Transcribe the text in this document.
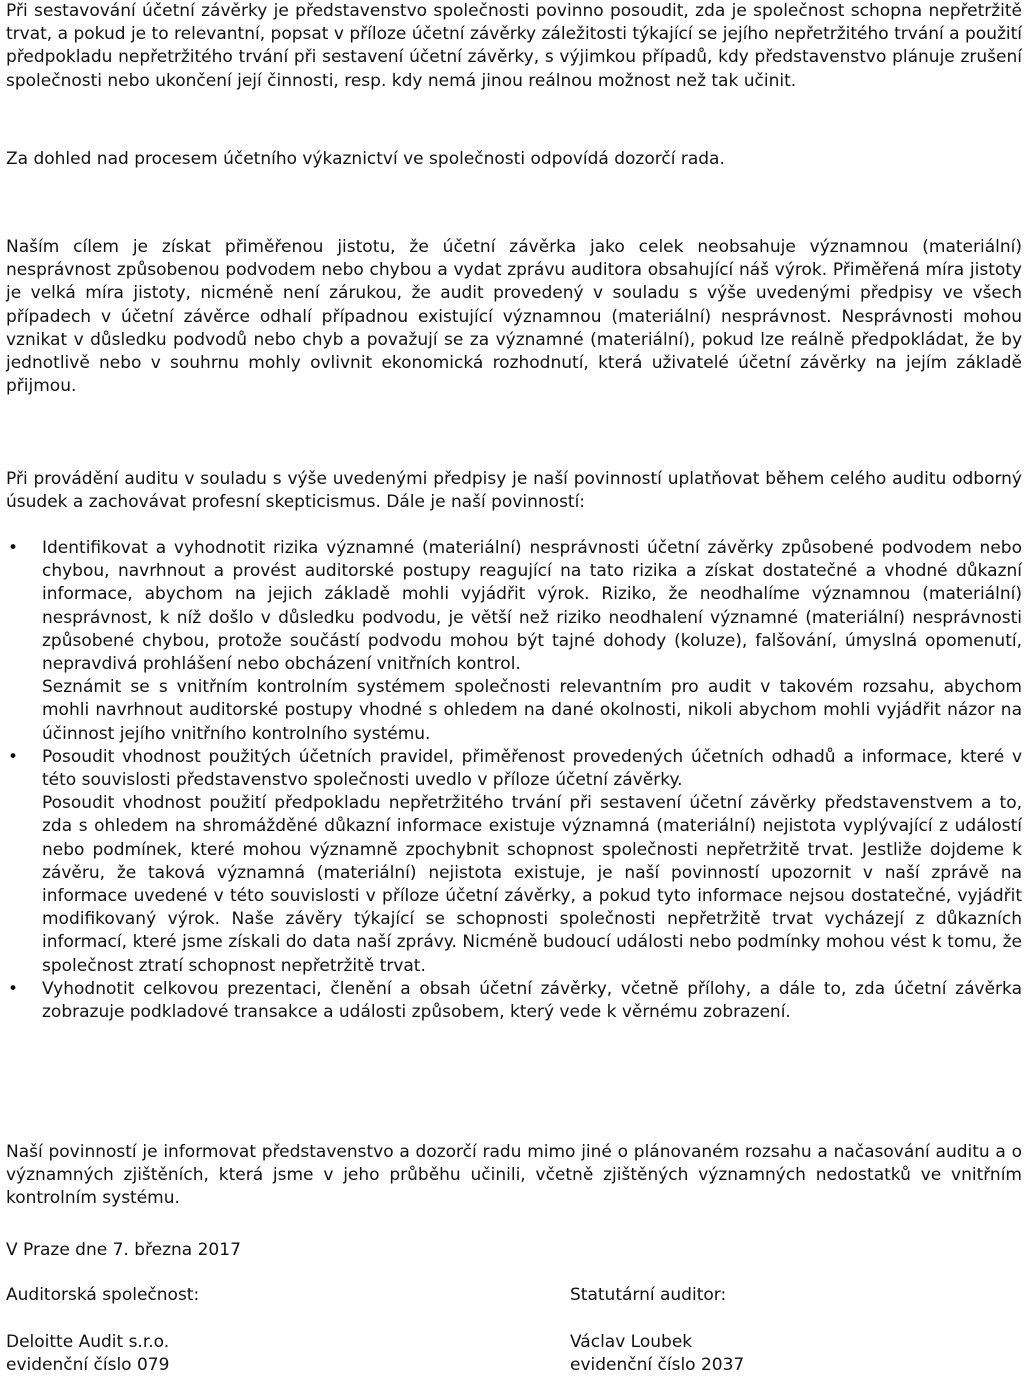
Při sestavování účetní závěrky je představenstvo společnosti povinno posoudit, zda je společnost schopna nepřetržitě trvat, a pokud je to relevantní, popsat v příloze účetní závěrky záležitosti týkající se jejího nepřetržitého trvání a použití předpokladu nepřetržitého trvání při sestavení účetní závěrky, s výjimkou případů, kdy představenstvo plánuje zrušení společnosti nebo ukončení její činnosti, resp. kdy nemá jinou reálnou možnost než tak učinit.

Za dohled nad procesem účetního výkaznictví ve společnosti odpovídá dozorčí rada.

Naším cílem je získat přiměřenou jistotu, že účetní závěrka jako celek neobsahuje významnou (materiální) nesprávnost způsobenou podvodem nebo chybou a vydat zprávu auditora obsahující náš výrok. Přiměřená míra jistoty je velká míra jistoty, nicméně není zárukou, že audit provedený v souladu s výše uvedenými předpisy ve všech případech v účetní závěrce odhalí případnou existující významnou (materiální) nesprávnost. Nesprávnosti mohou vznikat v důsledku podvodů nebo chyb a považují se za významné (materiální), pokud lze reálně předpokládat, že by jednotlivě nebo v souhrnu mohly ovlivnit ekonomická rozhodnutí, která uživatelé účetní závěrky na jejím základě přijmou.

Při provádění auditu v souladu s výše uvedenými předpisy je naší povinností uplatňovat během celého auditu odborný úsudek a zachovávat profesní skepticismus. Dále je naší povinností:

• Identifikovat a vyhodnotit rizika významné (materiální) nesprávnosti účetní závěrky způsobené podvodem nebo chybou, navrhnout a provést auditorské postupy reagující na tato rizika a získat dostatečné a vhodné důkazní informace, abychom na jejich základě mohli vyjádřit výrok. Riziko, že neodhalíme významnou (materiální) nesprávnost, k níž došlo v důsledku podvodu, je větší než riziko neodhalení významné (materiální) nesprávnosti způsobené chybou, protože součástí podvodu mohou být tajné dohody (koluze), falšování, úmyslná opomenutí, nepravdivá prohlášení nebo obcházení vnitřních kontrol.
Seznámit se s vnitřním kontrolním systémem společnosti relevantním pro audit v takovém rozsahu, abychom mohli navrhnout auditorské postupy vhodné s ohledem na dané okolnosti, nikoli abychom mohli vyjádřit názor na účinnost jejího vnitřního kontrolního systému.
• Posoudit vhodnost použitých účetních pravidel, přiměřenost provedených účetních odhadů a informace, které v této souvislosti představenstvo společnosti uvedlo v příloze účetní závěrky.
Posoudit vhodnost použití předpokladu nepřetržitého trvání při sestavení účetní závěrky představenstvem a to, zda s ohledem na shromážděné důkazní informace existuje významná (materiální) nejistota vyplývající z událostí nebo podmínek, které mohou významně zpochybnit schopnost společnosti nepřetržitě trvat. Jestliže dojdeme k závěru, že taková významná (materiální) nejistota existuje, je naší povinností upozornit v naší zprávě na informace uvedené v této souvislosti v příloze účetní závěrky, a pokud tyto informace nejsou dostatečné, vyjádřit modifikovaný výrok. Naše závěry týkající se schopnosti společnosti nepřetržitě trvat vycházejí z důkazních informací, které jsme získali do data naší zprávy. Nicméně budoucí události nebo podmínky mohou vést k tomu, že společnost ztratí schopnost nepřetržitě trvat.
• Vyhodnotit celkovou prezentaci, členění a obsah účetní závěrky, včetně přílohy, a dále to, zda účetní závěrka zobrazuje podkladové transakce a události způsobem, který vede k věrnému zobrazení.

Naší povinností je informovat představenstvo a dozorčí radu mimo jiné o plánovaném rozsahu a načasování auditu a o významných zjištěních, která jsme v jeho průběhu učinili, včetně zjištěných významných nedostatků ve vnitřním kontrolním systému.

V Praze dne 7. března 2017

Auditorská společnost:	Statutární auditor:

Deloitte Audit s.r.o.

evidenční číslo 079

Václav Loubek

evidenční číslo 2037
